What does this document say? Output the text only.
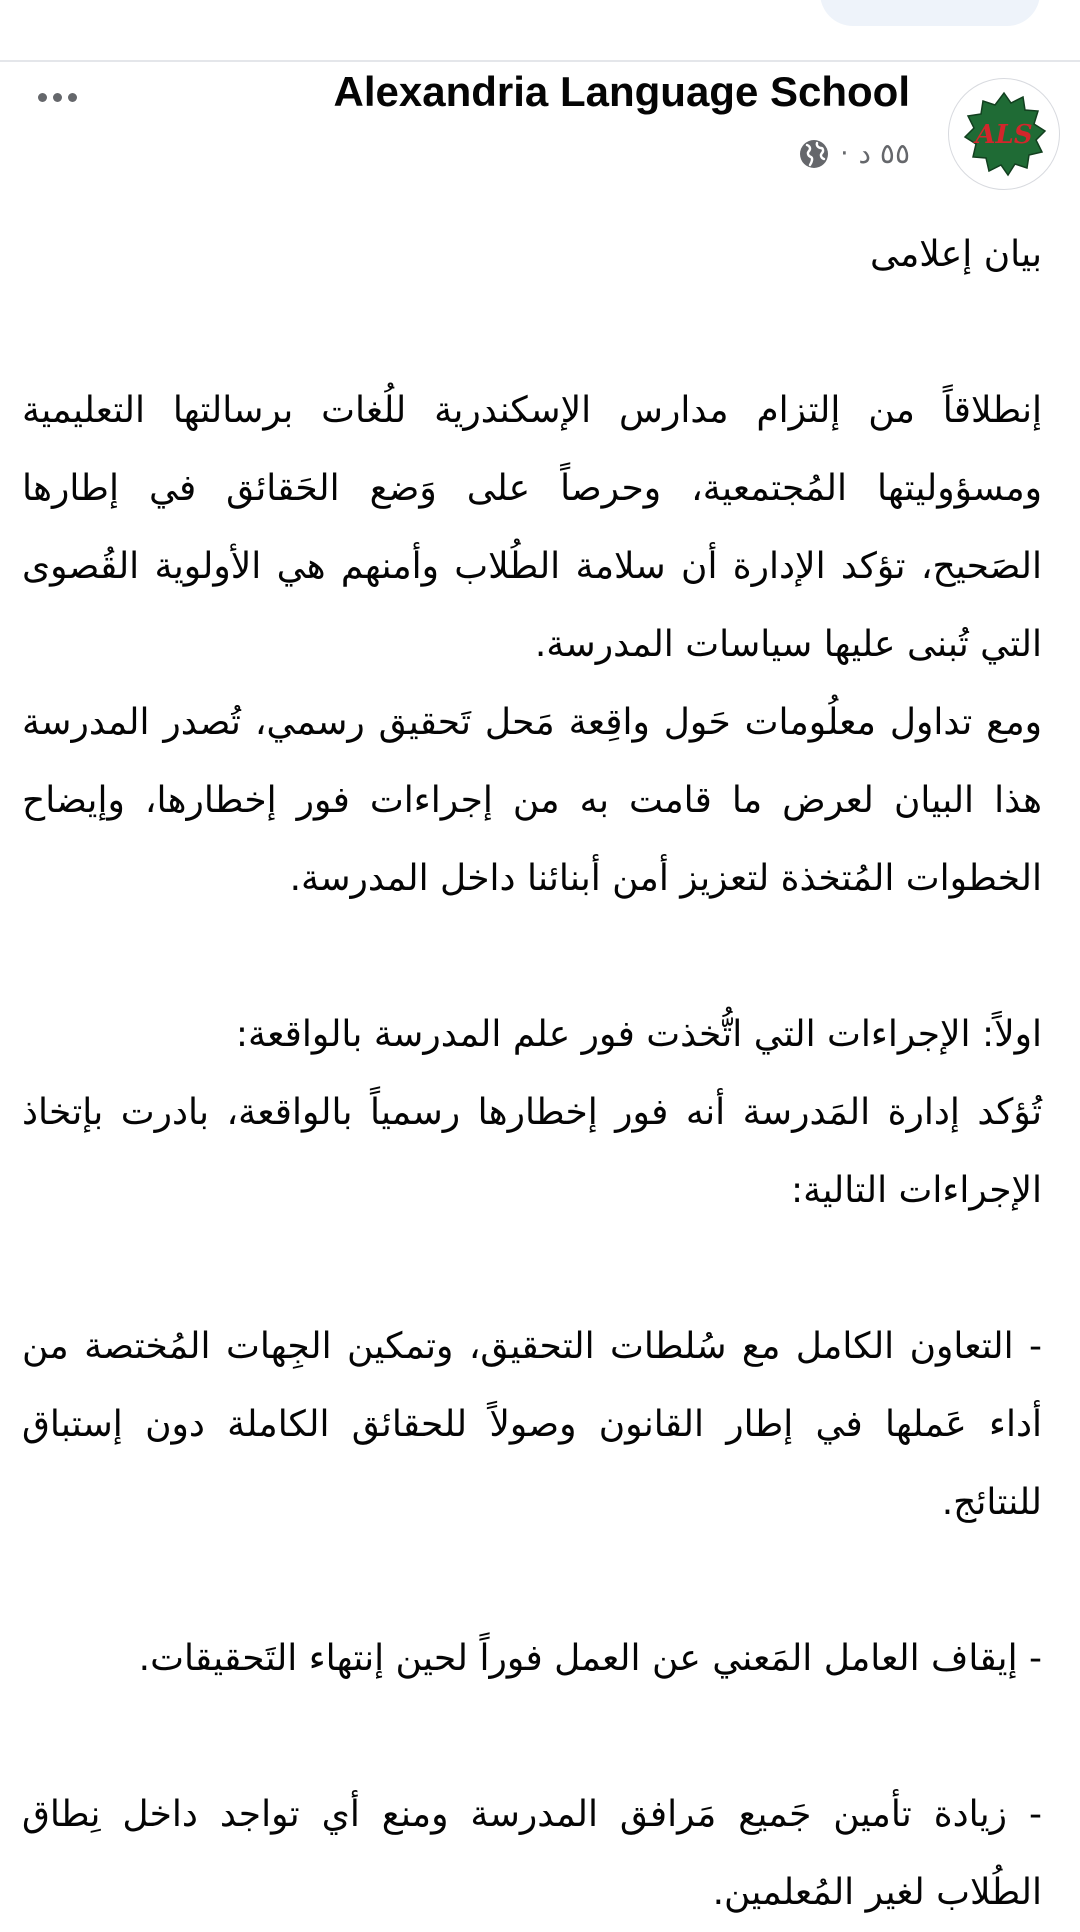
Alexandria Language School
· ٥٥ د
ALS

بيان إعلامى

إنطلاقاً من إلتزام مدارس الإسكندرية للُغات برسالتها التعليمية ومسؤوليتها المُجتمعية، وحرصاً على وَضع الحَقائق في إطارها الصَحيح، تؤكد الإدارة أن سلامة الطُلاب وأمنهم هي الأولوية القُصوى التي تُبنى عليها سياسات المدرسة.

ومع تداول معلُومات حَول واقِعة مَحل تَحقيق رسمي، تُصدر المدرسة هذا البيان لعرض ما قامت به من إجراءات فور إخطارها، وإيضاح الخطوات المُتخذة لتعزيز أمن أبنائنا داخل المدرسة.

اولاً: الإجراءات التي اتُّخذت فور علم المدرسة بالواقعة:

تُؤكد إدارة المَدرسة أنه فور إخطارها رسمياً بالواقعة، بادرت بإتخاذ الإجراءات التالية:

- التعاون الكامل مع سُلطات التحقيق، وتمكين الجِهات المُختصة من أداء عَملها في إطار القانون وصولاً للحقائق الكاملة دون إستباق للنتائج.

- إيقاف العامل المَعني عن العمل فوراً لحين إنتهاء التَحقيقات.

- زيادة تأمين جَميع مَرافق المدرسة ومنع أي تواجد داخل نِطاق الطُلاب لغير المُعلمين.
